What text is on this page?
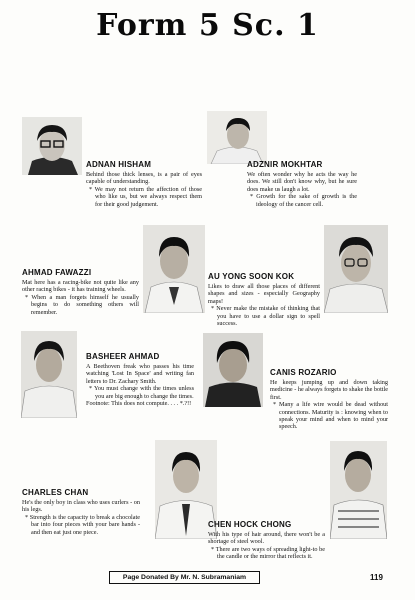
Form 5 Sc. 1
ADNAN HISHAM

Behind those thick lenses, is a pair of eyes capable of understanding.

* We may not return the affection of those who like us, but we always respect them for their good judgement.

ADZNIR MOKHTAR

We often wonder why he acts the way he does. We still don't know why, but he sure does make us laugh a lot.

* Growth for the sake of growth is the ideology of the cancer cell.

AHMAD FAWAZZI

Mat here has a racing-bike not quite like any other racing bikes - it has training wheels.

* When a man forgets himself he usually begins to do something others will remember.

AU YONG SOON KOK

Likes to draw all those places of different shapes and sizes - especially Geography maps!

* Never make the mistake of thinking that you have to use a dollar sign to spell success.

BASHEER AHMAD

A Beethoven freak who passes his time watching 'Lost In Space' and writing fan letters to Dr. Zachary Smith.

* You must change with the times unless you are big enough to change the times.

Footnote: This does not compute. . . . *.?!!

CANIS ROZARIO

He keeps jumping up and down taking medicine - he always forgets to shake the bottle first.

* Many a life wire would be dead without connections. Maturity is : knowing when to speak your mind and when to mind your speech.

CHARLES CHAN

He's the only boy in class who uses curlers - on his legs.

* Strength is the capacity to break a chocolate bar into four pieces with your bare hands - and then eat just one piece.

CHEN HOCK CHONG

With his type of hair around, there won't be a shortage of steel wool.

* There are two ways of spreading light-to be the candle or the mirror that reflects it.

Page Donated By Mr. N. Subramaniam	119
